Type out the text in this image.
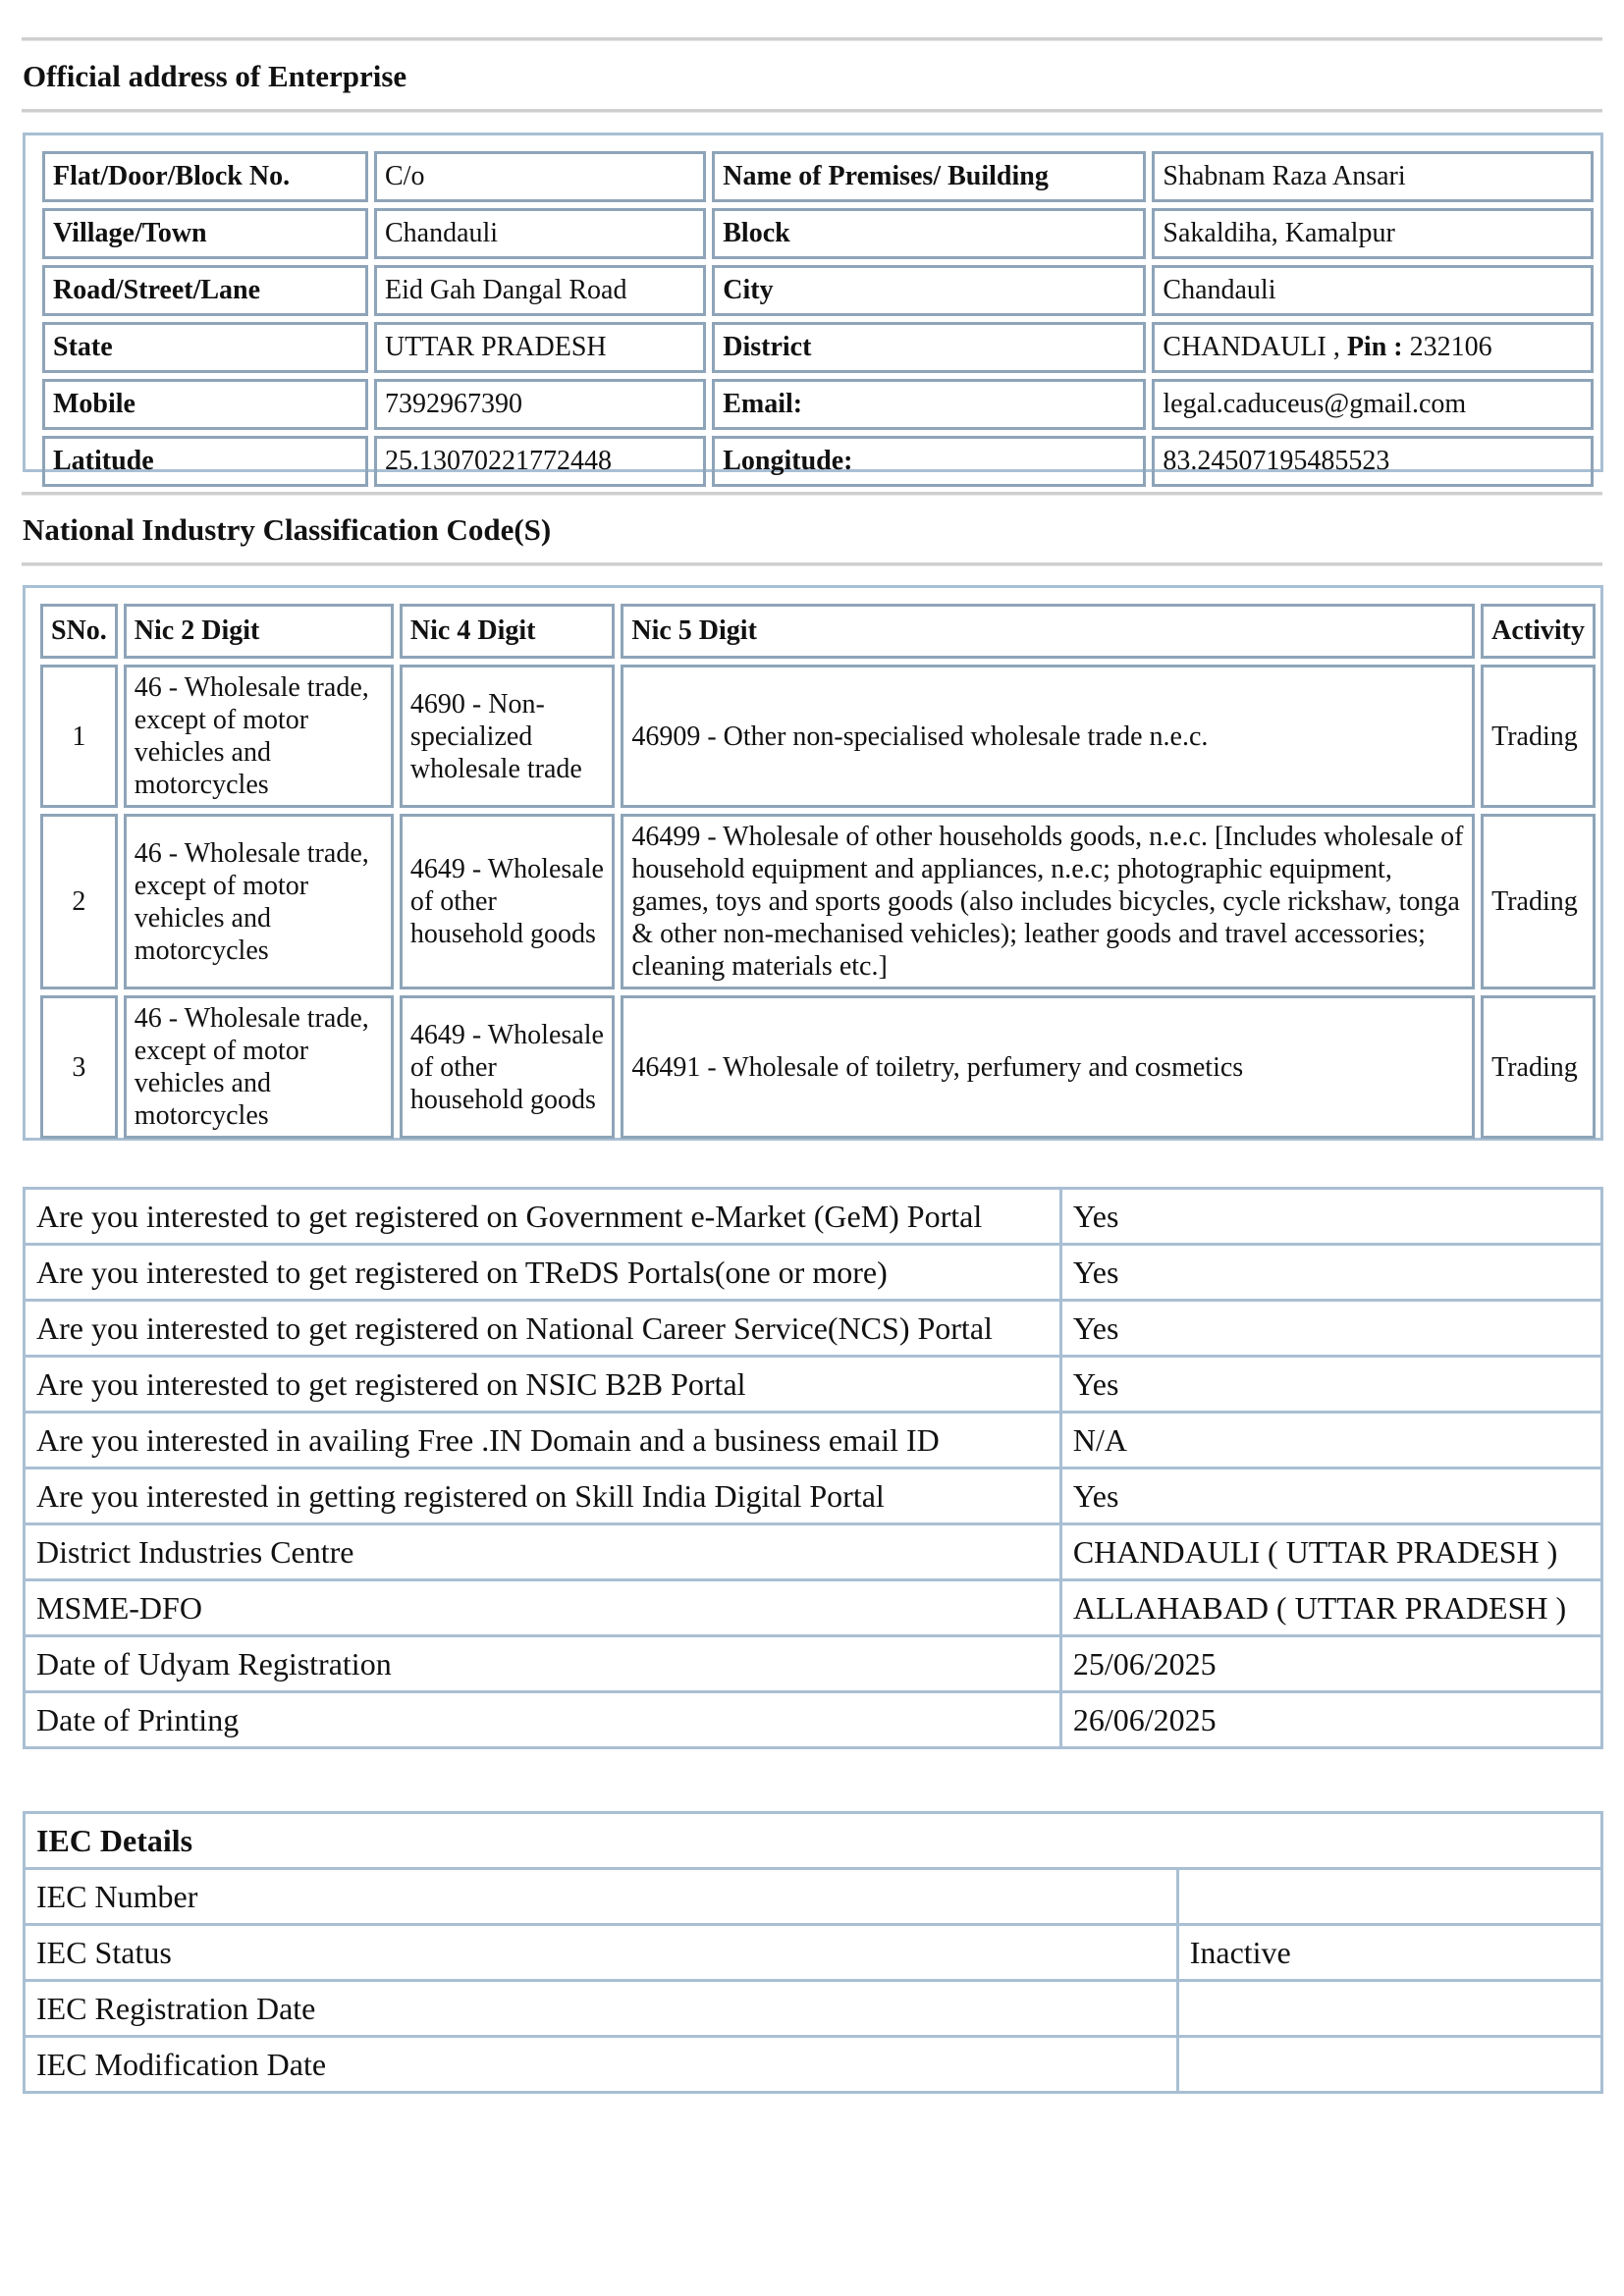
Official address of Enterprise
Flat/Door/Block No.	C/o	Name of Premises/ Building	Shabnam Raza Ansari
Village/Town	Chandauli	Block	Sakaldiha, Kamalpur
Road/Street/Lane	Eid Gah Dangal Road	City	Chandauli
State	UTTAR PRADESH	District	CHANDAULI , Pin : 232106
Mobile	7392967390	Email:	legal.caduceus@gmail.com
Latitude	25.13070221772448	Longitude:	83.24507195485523
National Industry Classification Code(S)
SNo.	Nic 2 Digit	Nic 4 Digit	Nic 5 Digit	Activity
1	46 - Wholesale trade, except of motor vehicles and motorcycles	4690 - Non-specialized wholesale trade	46909 - Other non-specialised wholesale trade n.e.c.	Trading
2	46 - Wholesale trade, except of motor vehicles and motorcycles	4649 - Wholesale of other household goods	46499 - Wholesale of other households goods, n.e.c. [Includes wholesale of household equipment and appliances, n.e.c; photographic equipment, games, toys and sports goods (also includes bicycles, cycle rickshaw, tonga & other non-mechanised vehicles); leather goods and travel accessories; cleaning materials etc.]	Trading
3	46 - Wholesale trade, except of motor vehicles and motorcycles	4649 - Wholesale of other household goods	46491 - Wholesale of toiletry, perfumery and cosmetics	Trading
Are you interested to get registered on Government e-Market (GeM) Portal	Yes
Are you interested to get registered on TReDS Portals(one or more)	Yes
Are you interested to get registered on National Career Service(NCS) Portal	Yes
Are you interested to get registered on NSIC B2B Portal	Yes
Are you interested in availing Free .IN Domain and a business email ID	N/A
Are you interested in getting registered on Skill India Digital Portal	Yes
District Industries Centre	CHANDAULI ( UTTAR PRADESH )
MSME-DFO	ALLAHABAD ( UTTAR PRADESH )
Date of Udyam Registration	25/06/2025
Date of Printing	26/06/2025
IEC Details	
IEC Number	
IEC Status	Inactive
IEC Registration Date	
IEC Modification Date	
